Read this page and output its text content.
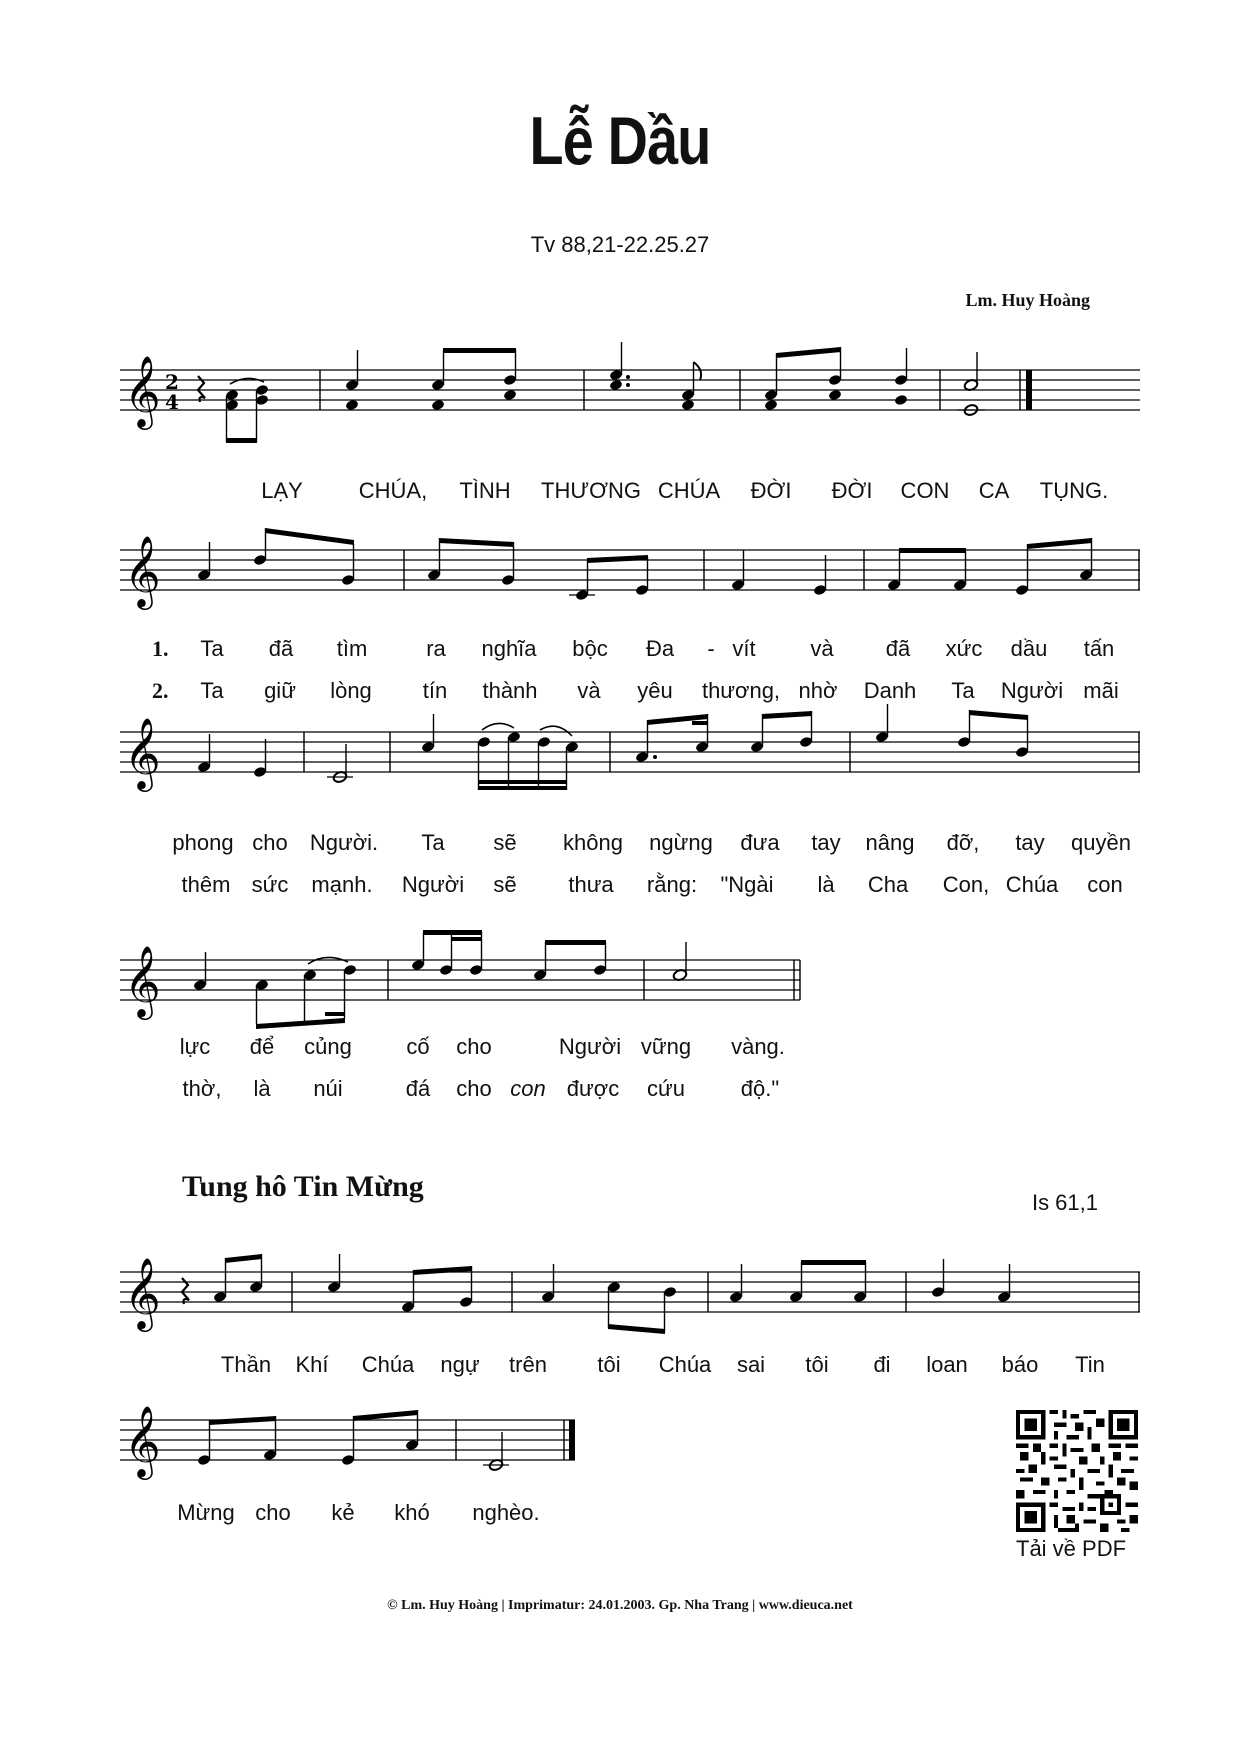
Lễ Dầu
Tv 88,21-22.25.27
Lm. Huy Hoàng
𝄞 2
4
LẠY	CHÚA, TÌNH THƯƠNG CHÚA ĐỜI ĐỜI CON CA TỤNG.
𝄞
1.
2.
Ta đã tìm	ra nghĩa bộc Đa - vít và đã xức dầu tấn
Ta giữ lòng tín thành và yêu thương, nhờ Danh Ta Người mãi
𝄞
phong cho Người. Ta sẽ không ngừng đưa tay nâng đỡ, tay quyền
thêm sức mạnh. Người sẽ thưa rằng: "Ngài là Cha Con, Chúa con
𝄞
lực để củng cố cho	Người vững vàng.
thờ, là núi	đá cho con được cứu	độ."
Tung hô Tin Mừng	Is 61,1
𝄞
Thần Khí Chúa ngự trên tôi Chúa sai tôi đi loan báo Tin
𝄞
Mừng cho kẻ khó nghèo.
Tải về PDF
© Lm. Huy Hoàng | Imprimatur: 24.01.2003. Gp. Nha Trang | www.dieuca.net
